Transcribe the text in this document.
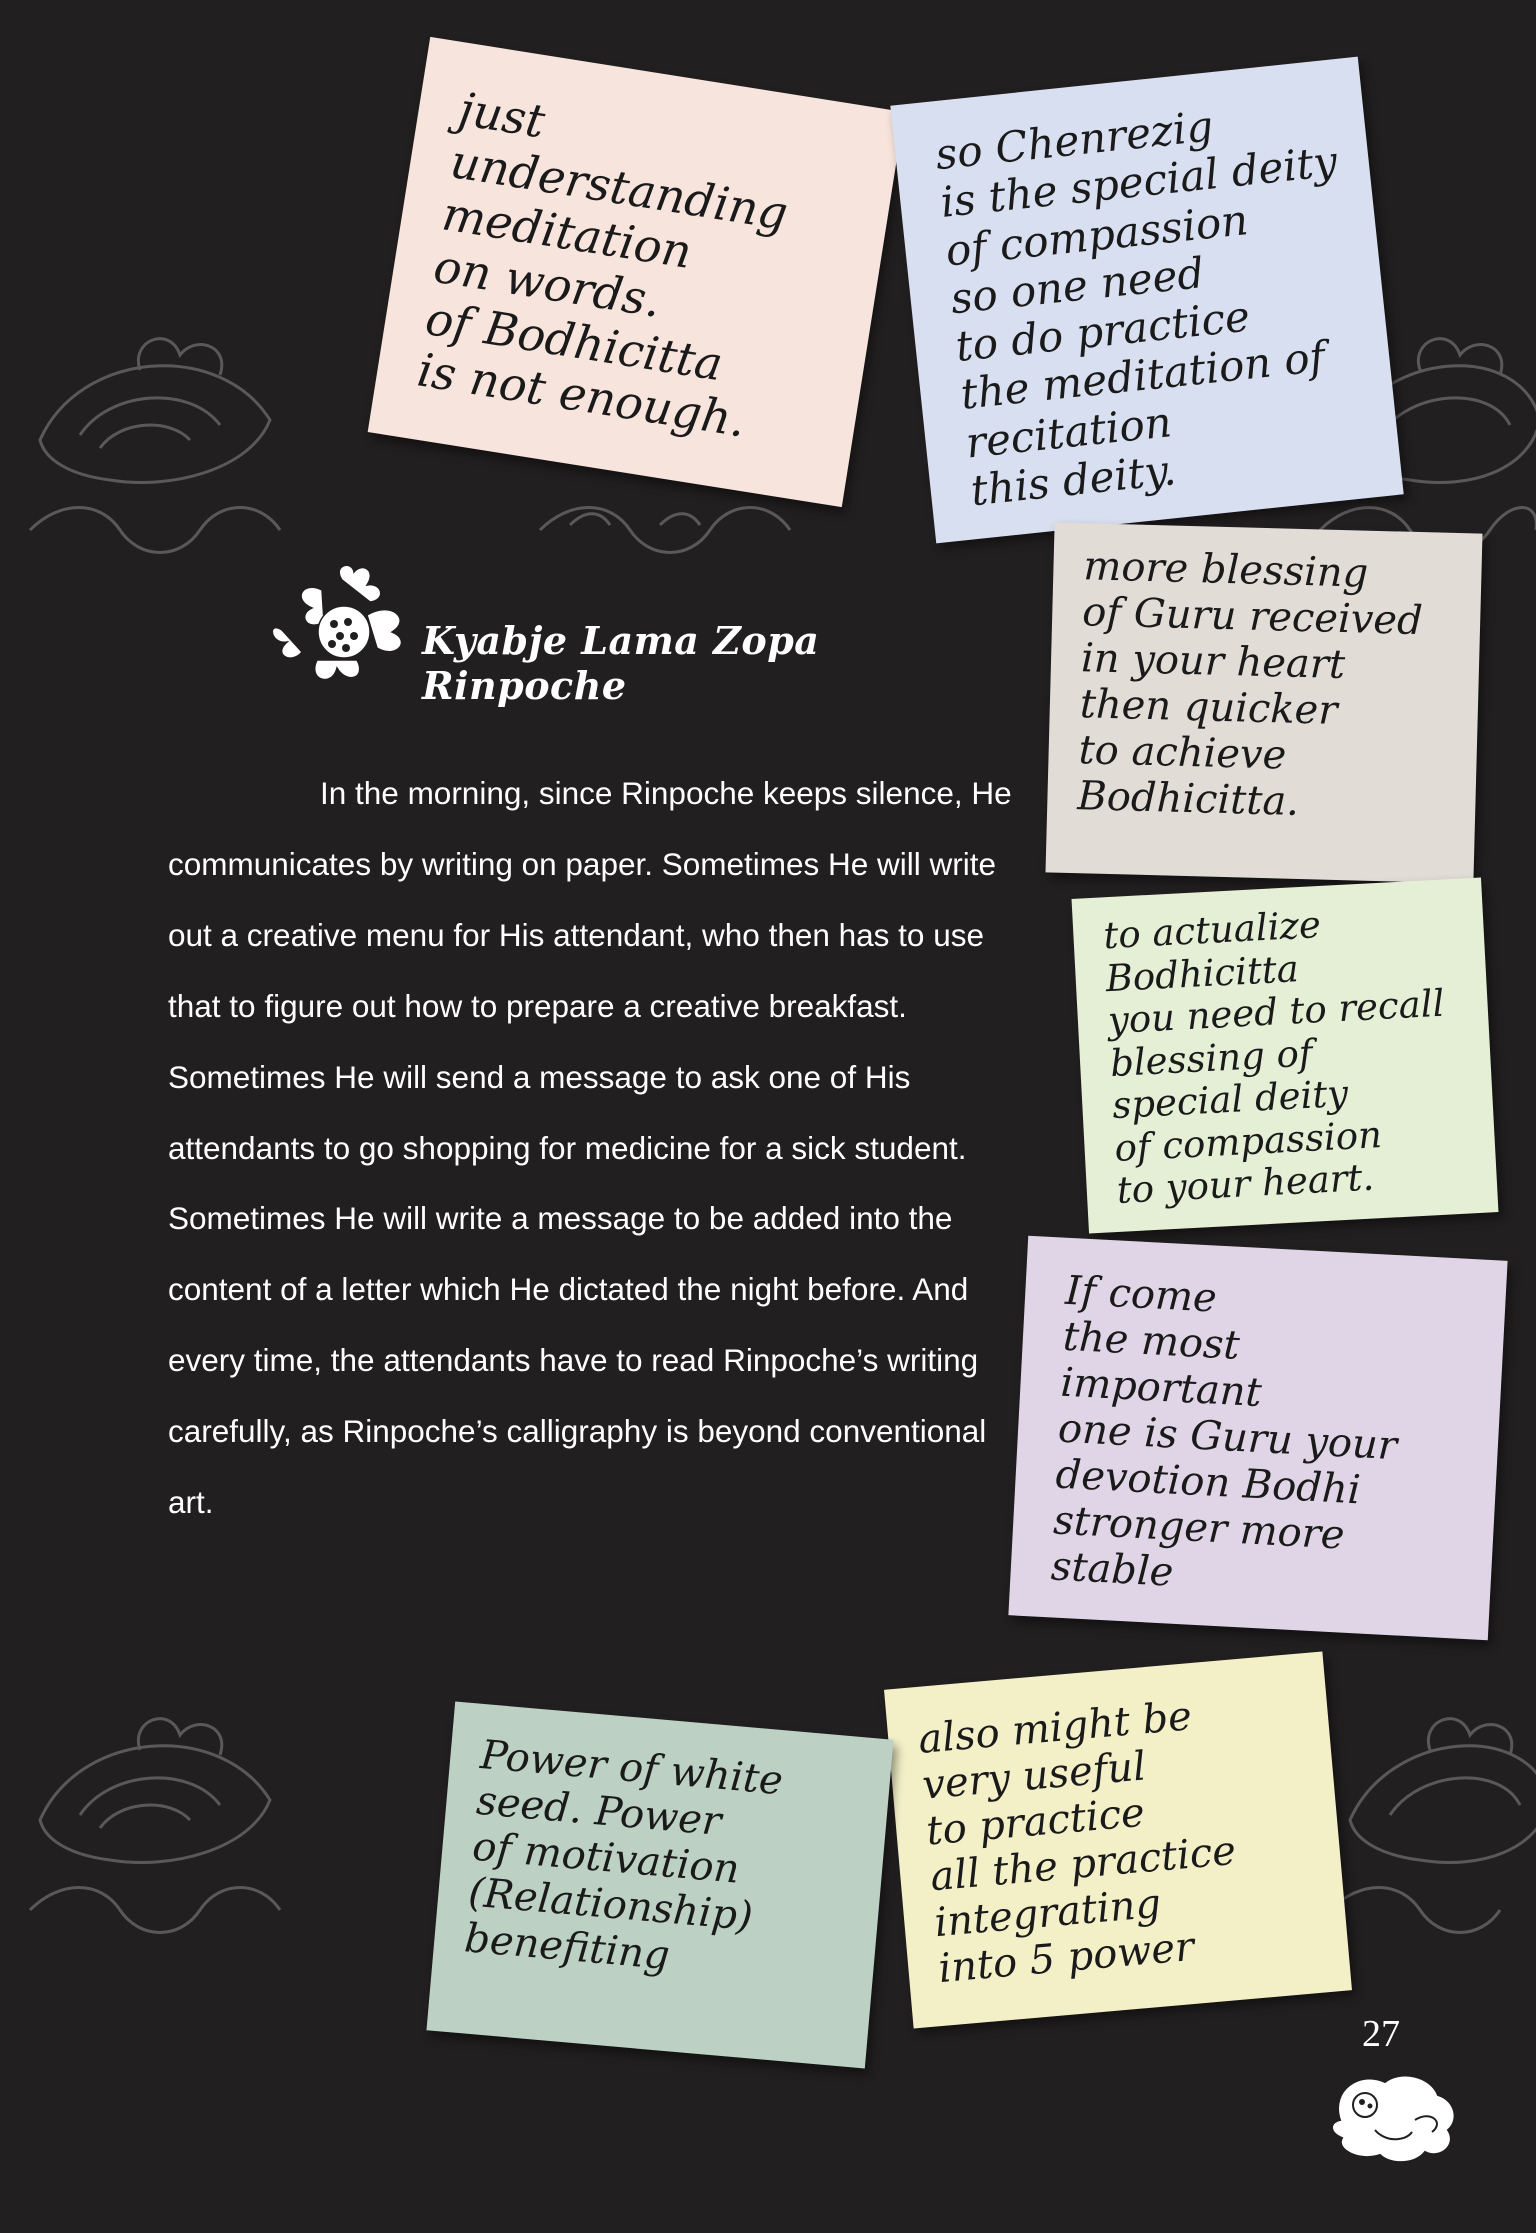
just understanding
meditation
on words.
of Bodhicitta
is not enough.
so Chenrezig
is the special deity
of compassion
so one need
to do practice
the meditation of
recitation
this deity.
more blessing
of Guru received
in your heart
then quicker
to achieve
Bodhicitta.
to actualize
Bodhicitta
you need to recall
blessing of
special deity
of compassion
to your heart.
If come
the most
important
one is Guru your
devotion Bodhi
stronger more
stable
also might be
very useful
to practice
all the practice
integrating
into 5 power
Power of white
seed. Power
of motivation
(Relationship)
benefiting
Kyabje Lama Zopa Rinpoche
In the morning, since Rinpoche keeps silence, He communicates by writing on paper. Sometimes He will write out a creative menu for His attendant, who then has to use that to figure out how to prepare a creative breakfast. Sometimes He will send a message to ask one of His attendants to go shopping for medicine for a sick student. Sometimes He will write a message to be added into the content of a letter which He dictated the night before. And every time, the attendants have to read Rinpoche’s writing carefully, as Rinpoche’s calligraphy is beyond conventional art.
27
